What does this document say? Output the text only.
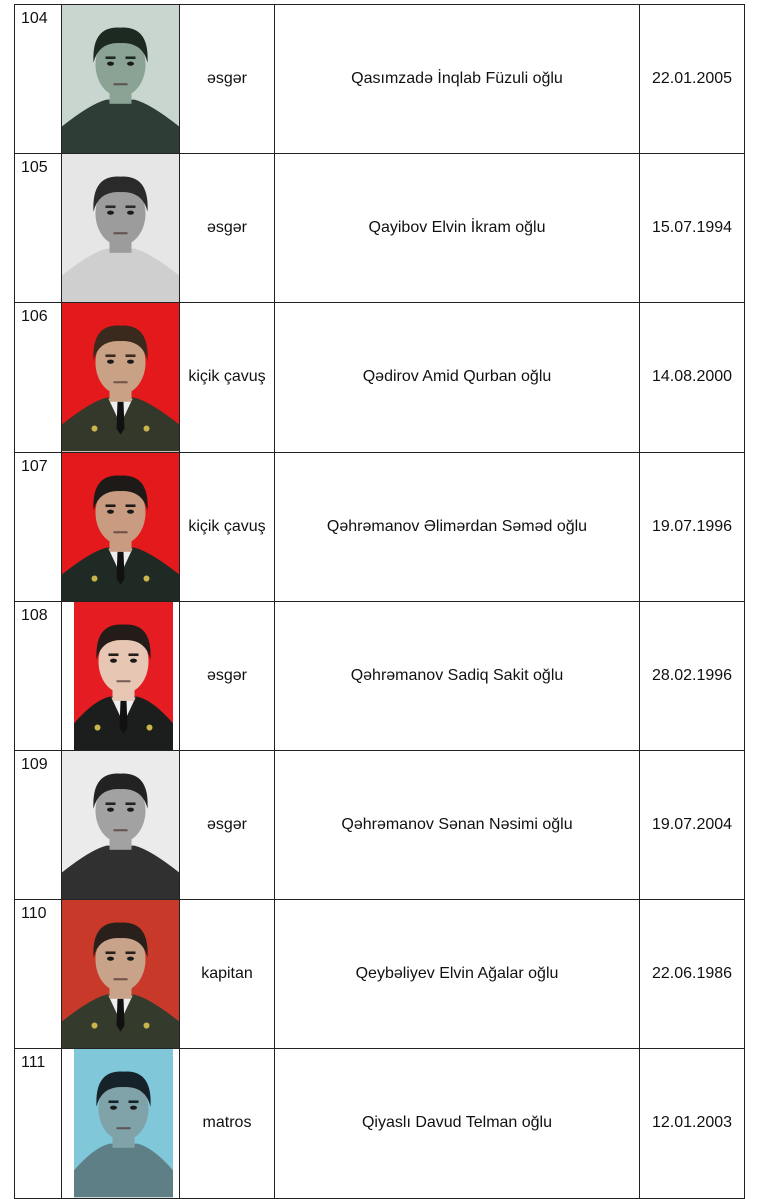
104		əsgər	Qasımzadə İnqlab Füzuli oğlu	22.01.2005
105		əsgər	Qayibov Elvin İkram oğlu	15.07.1994
106		kiçik çavuş	Qədirov Amid Qurban oğlu	14.08.2000
107		kiçik çavuş	Qəhrəmanov Əlimərdan Səməd oğlu	19.07.1996
108		əsgər	Qəhrəmanov Sadiq Sakit oğlu	28.02.1996
109		əsgər	Qəhrəmanov Sənan Nəsimi oğlu	19.07.2004
110		kapitan	Qeybəliyev Elvin Ağalar oğlu	22.06.1986
111		matros	Qiyaslı Davud Telman oğlu	12.01.2003
